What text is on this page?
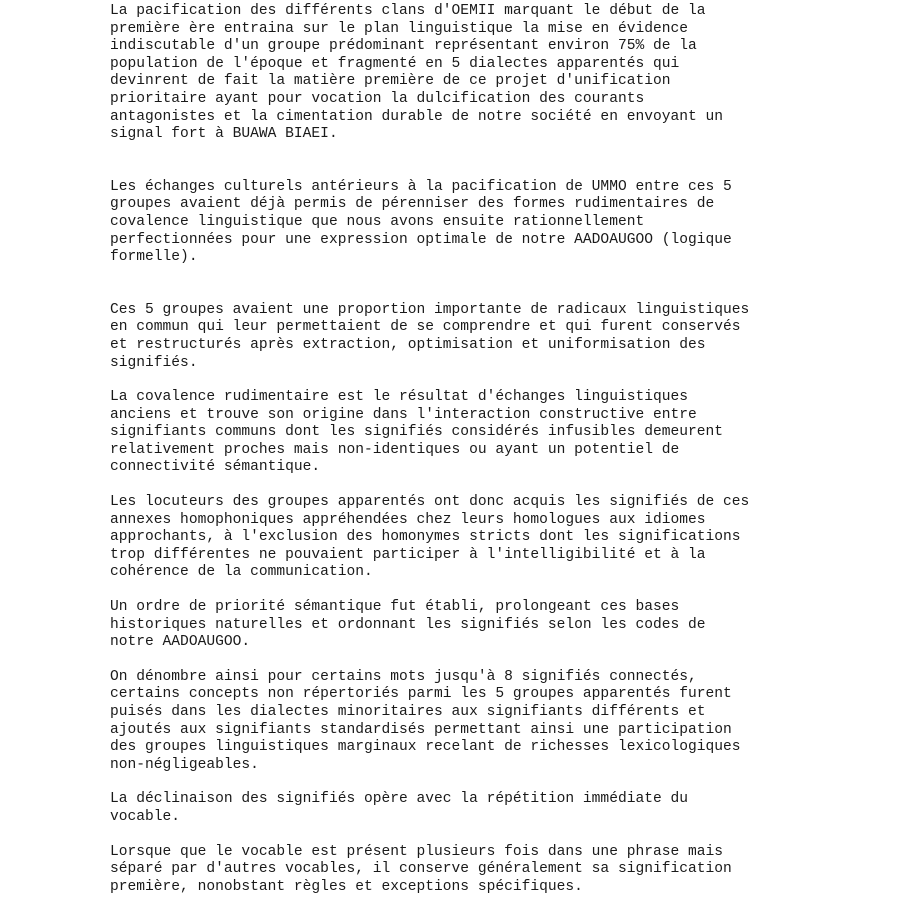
La pacification des différents clans d'OEMII marquant le début de la
première ère entraina sur le plan linguistique la mise en évidence
indiscutable d'un groupe prédominant représentant environ 75% de la
population de l'époque et fragmenté en 5 dialectes apparentés qui
devinrent de fait la matière première de ce projet d'unification
prioritaire ayant pour vocation la dulcification des courants
antagonistes et la cimentation durable de notre société en envoyant un
signal fort à BUAWA BIAEI.

Les échanges culturels antérieurs à la pacification de UMMO entre ces 5
groupes avaient déjà permis de pérenniser des formes rudimentaires de
covalence linguistique que nous avons ensuite rationnellement
perfectionnées pour une expression optimale de notre AADOAUGOO (logique
formelle).

Ces 5 groupes avaient une proportion importante de radicaux linguistiques
en commun qui leur permettaient de se comprendre et qui furent conservés
et restructurés après extraction, optimisation et uniformisation des
signifiés.

La covalence rudimentaire est le résultat d'échanges linguistiques
anciens et trouve son origine dans l'interaction constructive entre
signifiants communs dont les signifiés considérés infusibles demeurent
relativement proches mais non-identiques ou ayant un potentiel de
connectivité sémantique.

Les locuteurs des groupes apparentés ont donc acquis les signifiés de ces
annexes homophoniques appréhendées chez leurs homologues aux idiomes
approchants, à l'exclusion des homonymes stricts dont les significations
trop différentes ne pouvaient participer à l'intelligibilité et à la
cohérence de la communication.

Un ordre de priorité sémantique fut établi, prolongeant ces bases
historiques naturelles et ordonnant les signifiés selon les codes de
notre AADOAUGOO.

On dénombre ainsi pour certains mots jusqu'à 8 signifiés connectés,
certains concepts non répertoriés parmi les 5 groupes apparentés furent
puisés dans les dialectes minoritaires aux signifiants différents et
ajoutés aux signifiants standardisés permettant ainsi une participation
des groupes linguistiques marginaux recelant de richesses lexicologiques
non-négligeables.

La déclinaison des signifiés opère avec la répétition immédiate du
vocable.

Lorsque que le vocable est présent plusieurs fois dans une phrase mais
séparé par d'autres vocables, il conserve généralement sa signification
première, nonobstant règles et exceptions spécifiques.
